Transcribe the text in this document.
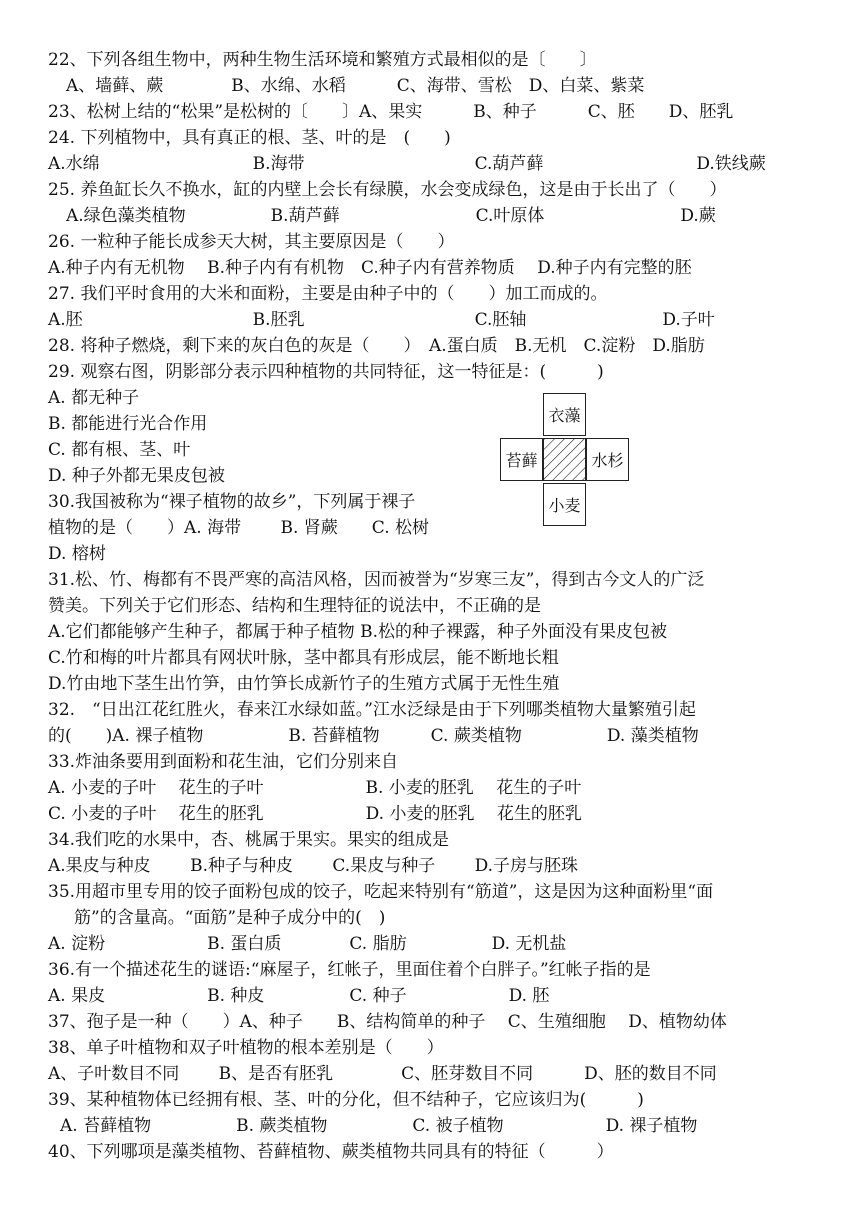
22、下列各组生物中，两种生物生活环境和繁殖方式最相似的是〔　　〕
A、墙藓、蕨　　　　B、水绵、水稻　　　C、海带、雪松　D、白菜、紫菜
23、松树上结的“松果”是松树的〔　　〕A、果实　　　B、种子　　　C、胚　　D、胚乳
24. 下列植物中，具有真正的根、茎、叶的是　(　　)
A.水绵　　　　　　　　　B.海带　　　　　　　　　　C.葫芦藓　　　　　　　　　D.铁线蕨
25. 养鱼缸长久不换水，缸的内壁上会长有绿膜，水会变成绿色，这是由于长出了（　　）
A.绿色藻类植物　　　　　B.葫芦藓　　　　　　　　C.叶原体　　　　　　　　D.蕨
26. 一粒种子能长成参天大树，其主要原因是（　　）
A.种子内有无机物　 B.种子内有有机物　C.种子内有营养物质　 D.种子内有完整的胚
27. 我们平时食用的大米和面粉，主要是由种子中的（　　）加工而成的。
A.胚　　　　　　　　　　B.胚乳　　　　　　　　　　C.胚轴　　　　　　　　D.子叶
28. 将种子燃烧，剩下来的灰白色的灰是（　　）　A.蛋白质　B.无机　C.淀粉　D.脂肪
29. 观察右图，阴影部分表示四种植物的共同特征，这一特征是：(　　　)
A. 都无种子
B. 都能进行光合作用
C. 都有根、茎、叶
D. 种子外都无果皮包被
30.我国被称为“裸子植物的故乡”，下列属于裸子
植物的是（　　）A. 海带　　 B. 肾蕨　　C. 松树
D. 榕树
31.松、竹、梅都有不畏严寒的高洁风格，因而被誉为“岁寒三友”，得到古今文人的广泛
赞美。下列关于它们形态、结构和生理特征的说法中，不正确的是
A.它们都能够产生种子，都属于种子植物 B.松的种子裸露，种子外面没有果皮包被
C.竹和梅的叶片都具有网状叶脉，茎中都具有形成层，能不断地长粗
D.竹由地下茎生出竹笋，由竹笋长成新竹子的生殖方式属于无性生殖
32.　“日出江花红胜火，春来江水绿如蓝。”江水泛绿是由于下列哪类植物大量繁殖引起
的(　　)A. 裸子植物　　　　　B. 苔藓植物　　　C. 蕨类植物　　　　　D. 藻类植物
33.炸油条要用到面粉和花生油，它们分别来自
A. 小麦的子叶　 花生的子叶　　　　　　B. 小麦的胚乳　 花生的子叶
C. 小麦的子叶　 花生的胚乳　　　　　　D. 小麦的胚乳　 花生的胚乳
34.我们吃的水果中，杏、桃属于果实。果实的组成是
A.果皮与种皮　　 B.种子与种皮　　 C.果皮与种子　　 D.子房与胚珠
35.用超市里专用的饺子面粉包成的饺子，吃起来特别有“筋道”，这是因为这种面粉里“面
筋”的含量高。“面筋”是种子成分中的(　)
A. 淀粉　　　　　　B. 蛋白质　　　　C. 脂肪　　　　　D. 无机盐
36.有一个描述花生的谜语:“麻屋子，红帐子，里面住着个白胖子。”红帐子指的是
A. 果皮　　　　　　B. 种皮　　　　　C. 种子　　　　　　D. 胚
37、孢子是一种（　　）A、种子　　B、结构简单的种子　 C、生殖细胞　 D、植物幼体
38、单子叶植物和双子叶植物的根本差别是（　　）
A、子叶数目不同　　 B、是否有胚乳　　　　C、胚芽数目不同　　　D、胚的数目不同
39、某种植物体已经拥有根、茎、叶的分化，但不结种子，它应该归为(　　　)
A. 苔藓植物　　　　　B. 蕨类植物　　　　　C. 被子植物　　　　　　D. 裸子植物
40、下列哪项是藻类植物、苔藓植物、蕨类植物共同具有的特征（　　　）
衣藻
苔藓	水杉
小麦
